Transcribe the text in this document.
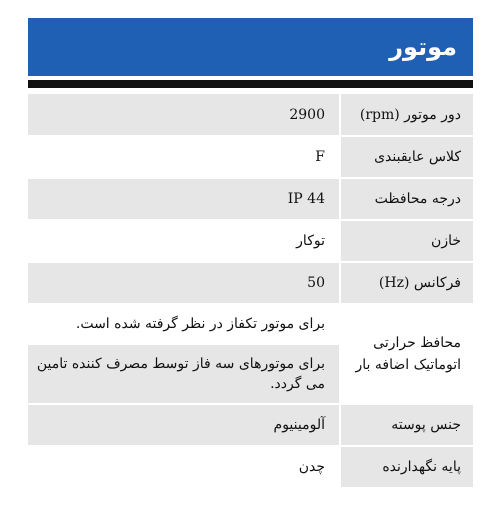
موتور
دور موتور (rpm)	2900
کلاس عایقبندی	F
درجه محافظت	IP 44
خازن	توکار
فرکانس (Hz)	50
محافظ حرارتی اتوماتیک اضافه بار	برای موتور تکفاز در نظر گرفته شده است.
برای موتورهای سه فاز توسط مصرف کننده تامین می گردد.

جنس پوسته	آلومینیوم
پایه نگهدارنده	چدن
